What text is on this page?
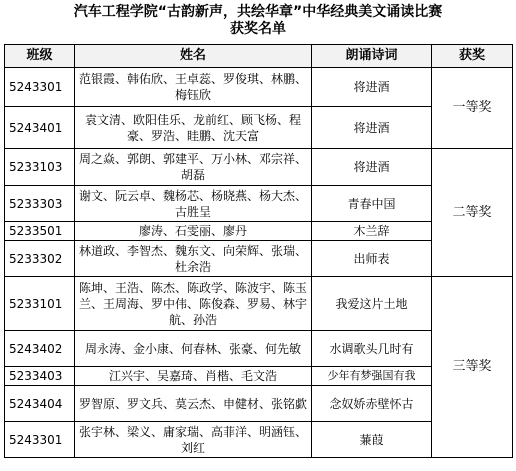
汽车工程学院“古韵新声，共绘华章”中华经典美文诵读比赛
获奖名单
班级	姓名	朗诵诗词	获奖
5243301	范银霞、韩佑欣、王卓蕊、罗俊琪、林鹏、梅钰欣	将进酒	一等奖
5243401	袁文清、欧阳佳乐、龙前红、顾飞杨、程豪、罗浩、眭鹏、沈天富	将进酒	
5233103	周之焱、郭朗、郭建平、万小林、邓宗祥、胡磊	将进酒	二等奖
5233303	谢文、阮云卓、魏杨芯、杨晓燕、杨大杰、古胜呈	青春中国	
5233501	廖涛、石雯丽、廖丹	木兰辞	
5233302	林道政、李智杰、魏东文、向荣辉、张瑞、杜余浩	出师表	
5233101	陈坤、王浩、陈杰、陈政学、陈波宇、陈玉兰、王周海、罗中伟、陈俊森、罗易、林宇航、孙浩	我爱这片土地	三等奖
5243402	周永涛、金小康、何春林、张豪、何先敏	水调歌头几时有	
5233403	江兴宇、吴嘉琦、肖楷、毛文浩	少年有梦强国有我	
5243404	罗智原、罗文兵、莫云杰、申健材、张铭歔	念奴娇赤壁怀古	
5243301	张宇林、梁义、庸家瑞、高菲洋、明涵钰、刘红	蒹葭	
